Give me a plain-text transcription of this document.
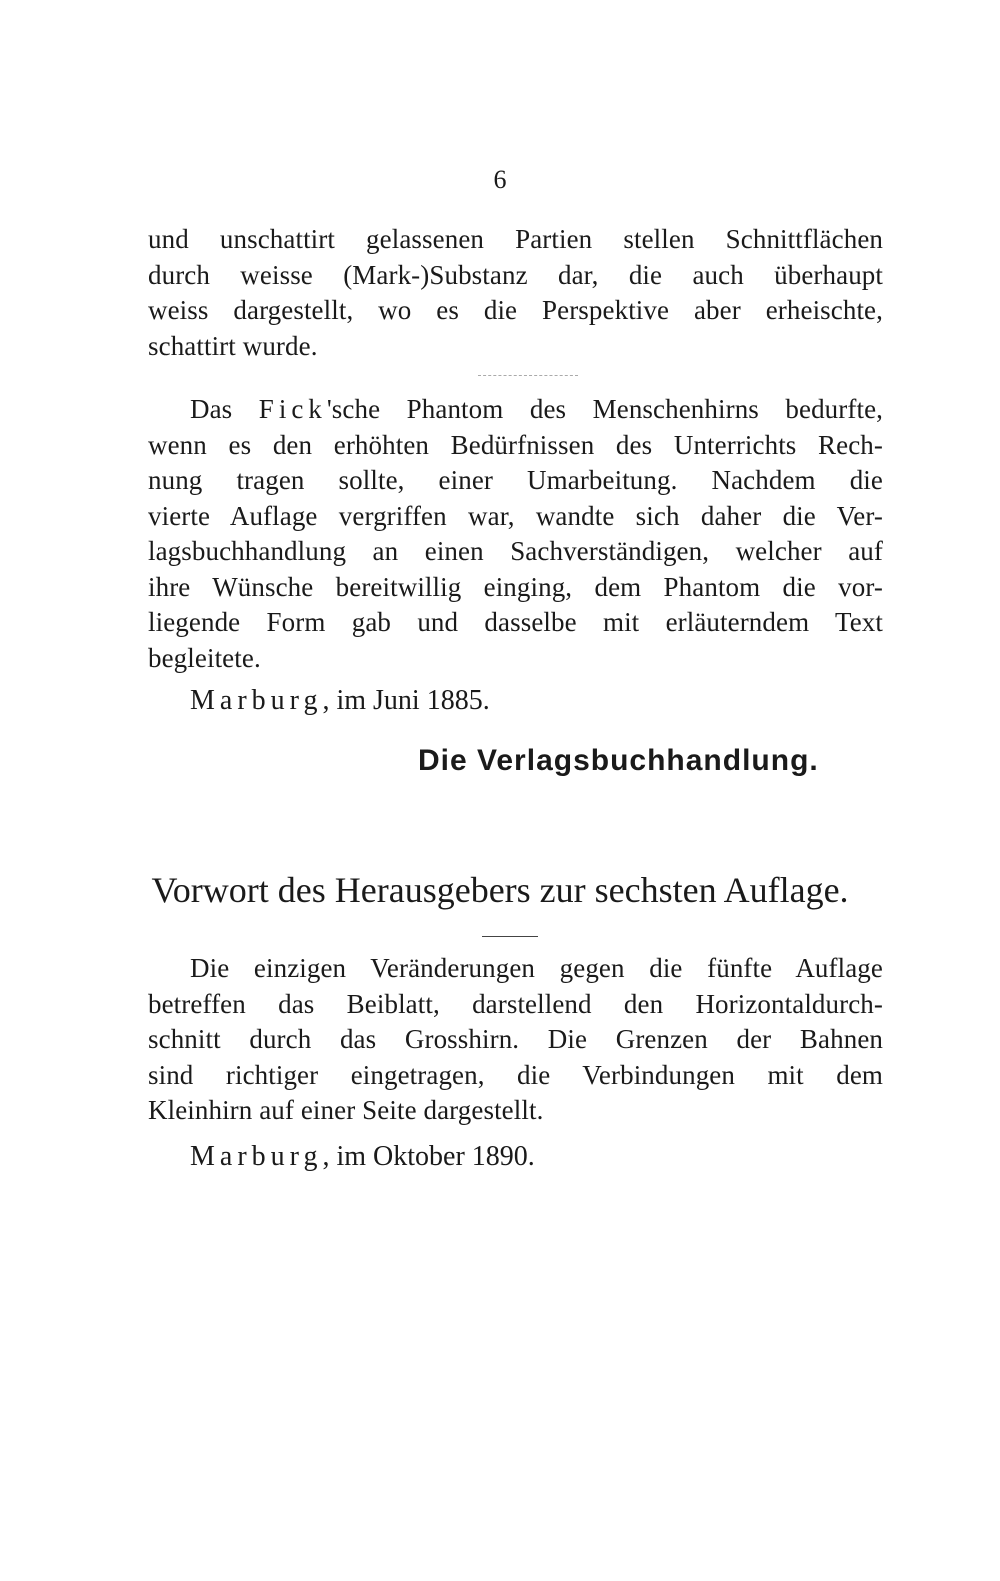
6
und unschattirt gelassenen Partien stellen Schnittflächen
durch weisse (Mark-)Substanz dar, die auch überhaupt
weiss dargestellt, wo es die Perspektive aber erheischte,
schattirt wurde.
Das Fick'sche Phantom des Menschenhirns bedurfte,
wenn es den erhöhten Bedürfnissen des Unterrichts Rech-
nung tragen sollte, einer Umarbeitung. Nachdem die
vierte Auflage vergriffen war, wandte sich daher die Ver-
lagsbuchhandlung an einen Sachverständigen, welcher auf
ihre Wünsche bereitwillig einging, dem Phantom die vor-
liegende Form gab und dasselbe mit erläuterndem Text
begleitete.
Marburg, im Juni 1885.
Die Verlagsbuchhandlung.
Vorwort des Herausgebers zur sechsten Auflage.
Die einzigen Veränderungen gegen die fünfte Auflage
betreffen das Beiblatt, darstellend den Horizontaldurch-
schnitt durch das Grosshirn. Die Grenzen der Bahnen
sind richtiger eingetragen, die Verbindungen mit dem
Kleinhirn auf einer Seite dargestellt.
Marburg, im Oktober 1890.
